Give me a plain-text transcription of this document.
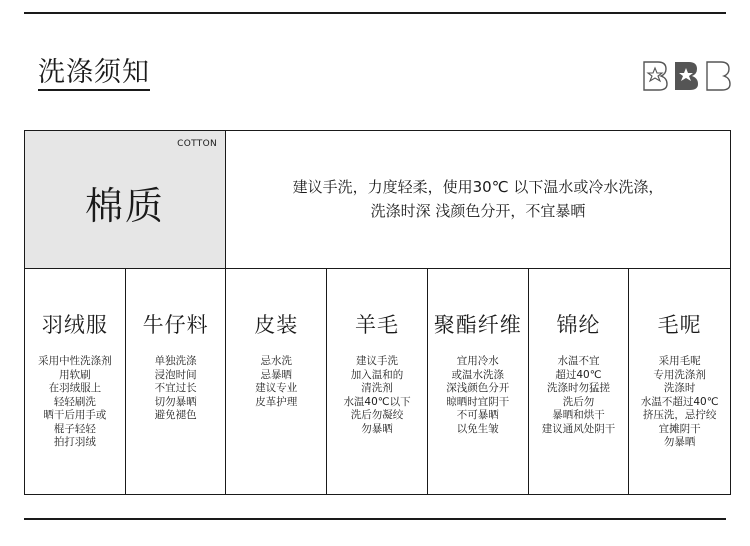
洗涤须知
COTTON
棉质	建议手洗，力度轻柔，使用30℃ 以下温水或冷水洗涤，
洗涤时深 浅颜色分开，不宜暴晒
羽绒服
采用中性洗涤剂
用软刷
在羽绒服上
轻轻刷洗
晒干后用手或
棍子轻轻
拍打羽绒
牛仔料
单独洗涤
浸泡时间
不宜过长
切勿暴晒
避免褪色
皮装
忌水洗
忌暴晒
建议专业
皮革护理
羊毛
建议手洗
加入温和的
清洗剂
水温40℃以下
洗后勿凝绞
勿暴晒
聚酯纤维
宜用冷水
或温水洗涤
深浅颜色分开
晾晒时宜阴干
不可暴晒
以免生皱
锦纶
水温不宜
超过40℃
洗涤时勿猛搓
洗后勿
暴晒和烘干
建议通风处阴干
毛呢
采用毛呢
专用洗涤剂
洗涤时
水温不超过40℃
挤压洗，忌拧绞
宜摊阴干
勿暴晒
